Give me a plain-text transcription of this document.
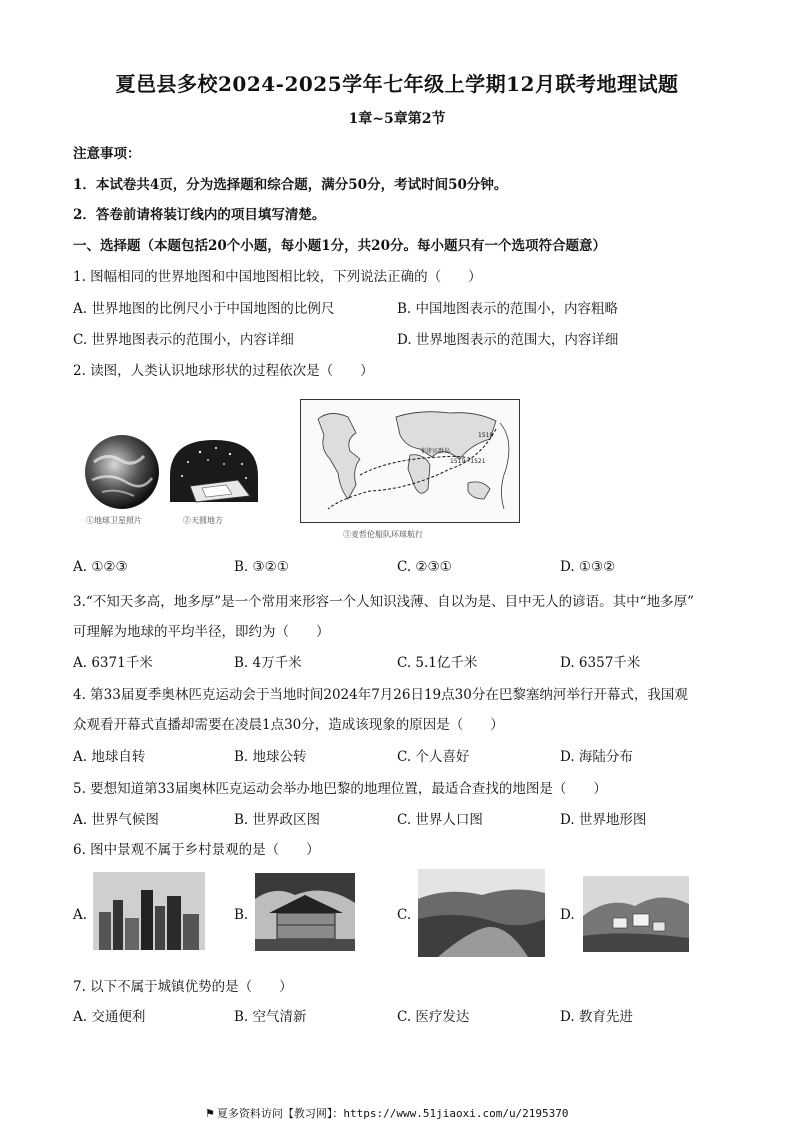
夏邑县多校2024-2025学年七年级上学期12月联考地理试题
1章~5章第2节
注意事项：
1．本试卷共4页，分为选择题和综合题，满分50分，考试时间50分钟。
2．答卷前请将装订线内的项目填写清楚。
一、选择题（本题包括20个小题，每小题1分，共20分。每小题只有一个选项符合题意）
1. 图幅相同的世界地图和中国地图相比较，下列说法正确的（　　）
A. 世界地图的比例尺小于中国地图的比例尺	B. 中国地图表示的范围小，内容粗略
C. 世界地图表示的范围小，内容详细	D. 世界地图表示的范围大，内容详细
2. 读图，人类认识地球形状的过程依次是（　　）
①地球卫星照片	②天圆地方
菲律宾群岛
1519~1521
1519
③麦哲伦船队环球航行
A. ①②③	B. ③②①	C. ②③①	D. ①③②
3.“不知天多高，地多厚”是一个常用来形容一个人知识浅薄、自以为是、目中无人的谚语。其中“地多厚”
可理解为地球的平均半径，即约为（　　）
A. 6371千米	B. 4万千米	C. 5.1亿千米	D. 6357千米
4. 第33届夏季奥林匹克运动会于当地时间2024年7月26日19点30分在巴黎塞纳河举行开幕式，我国观
众观看开幕式直播却需要在凌晨1点30分，造成该现象的原因是（　　）
A. 地球自转	B. 地球公转	C. 个人喜好	D. 海陆分布
5. 要想知道第33届奥林匹克运动会举办地巴黎的地理位置，最适合查找的地图是（　　）
A. 世界气候图	B. 世界政区图	C. 世界人口图	D. 世界地形图
6. 图中景观不属于乡村景观的是（　　）
A.	B.	C.	D.
7. 以下不属于城镇优势的是（　　）
A. 交通便利	B. 空气清新	C. 医疗发达	D. 教育先进
⚑ 夏多资料访问【教习网】：https://www.51jiaoxi.com/u/2195370
